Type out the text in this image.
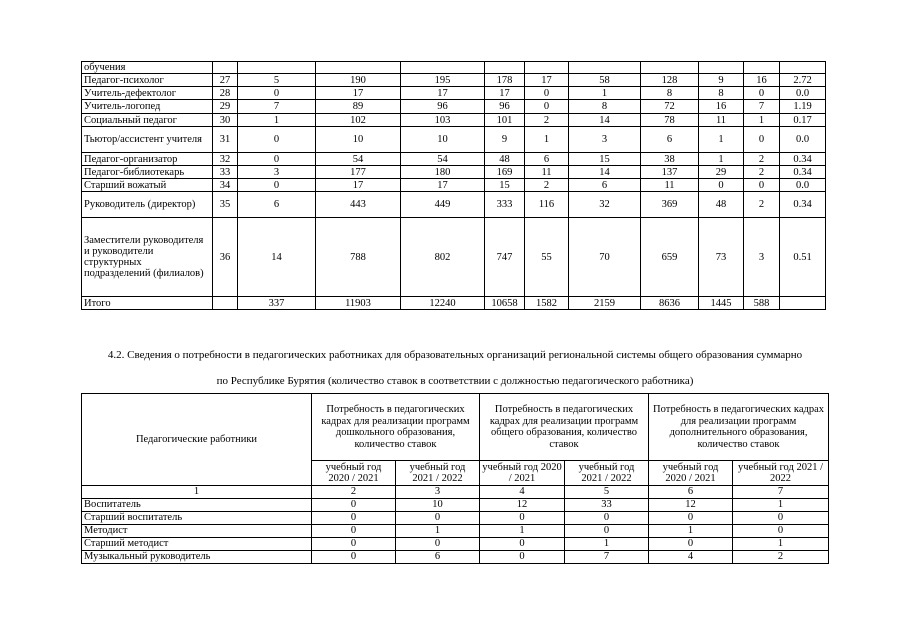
обучения											
Педагог-психолог	27	5	190	195	178	17	58	128	9	16	2.72
Учитель-дефектолог	28	0	17	17	17	0	1	8	8	0	0.0
Учитель-логопед	29	7	89	96	96	0	8	72	16	7	1.19
Социальный педагог	30	1	102	103	101	2	14	78	11	1	0.17
Тьютор/ассистент учителя	31	0	10	10	9	1	3	6	1	0	0.0
Педагог-организатор	32	0	54	54	48	6	15	38	1	2	0.34
Педагог-библиотекарь	33	3	177	180	169	11	14	137	29	2	0.34
Старший вожатый	34	0	17	17	15	2	6	11	0	0	0.0
Руководитель (директор)	35	6	443	449	333	116	32	369	48	2	0.34
Заместители руководителя и руководители структурных подразделений (филиалов)	36	14	788	802	747	55	70	659	73	3	0.51
Итого		337	11903	12240	10658	1582	2159	8636	1445	588	
4.2. Сведения о потребности в педагогических работниках для образовательных организаций региональной системы общего образования суммарно
по Республике Бурятия (количество ставок в соответствии с должностью педагогического работника)
Педагогические работники	Потребность в педагогических кадрах для реализации программ дошкольного образования, количество ставок		Потребность в педагогических кадрах для реализации программ общего образования, количество ставок		Потребность в педагогических кадрах для реализации программ дополнительного образования, количество ставок	
	учебный год 2020 / 2021	учебный год 2021 / 2022	учебный год 2020 / 2021	учебный год 2021 / 2022	учебный год 2020 / 2021	учебный год 2021 / 2022
1	2	3	4	5	6	7
Воспитатель	0	10	12	33	12	1
Старший воспитатель	0	0	0	0	0	0
Методист	0	1	1	0	1	0
Старший методист	0	0	0	1	0	1
Музыкальный руководитель	0	6	0	7	4	2
